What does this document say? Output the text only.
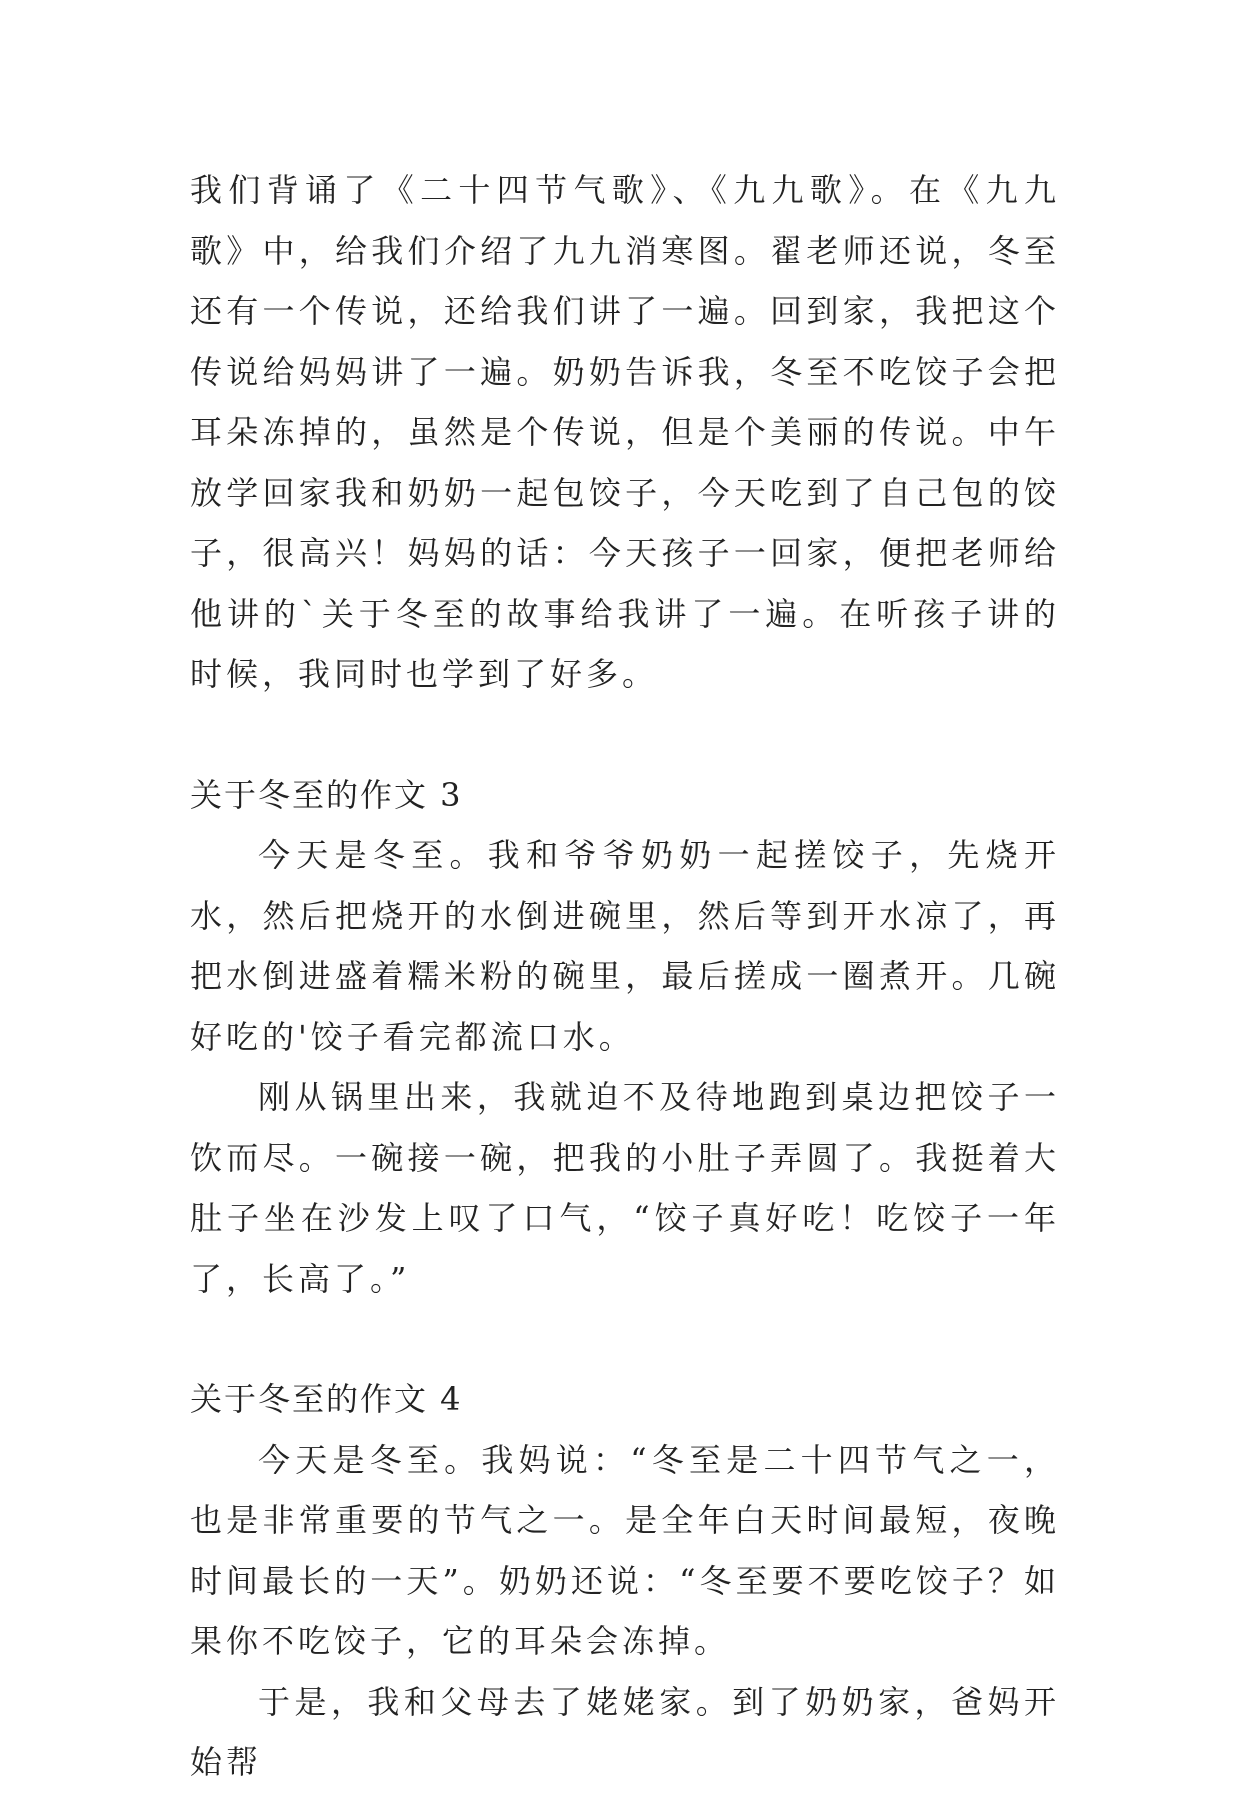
我们背诵了《二十四节气歌》、《九九歌》。在《九九歌》中，给我们介绍了九九消寒图。翟老师还说，冬至还有一个传说，还给我们讲了一遍。回到家，我把这个传说给妈妈讲了一遍。奶奶告诉我，冬至不吃饺子会把耳朵冻掉的，虽然是个传说，但是个美丽的传说。中午放学回家我和奶奶一起包饺子，今天吃到了自己包的饺子，很高兴！妈妈的话：今天孩子一回家，便把老师给他讲的`关于冬至的故事给我讲了一遍。在听孩子讲的时候，我同时也学到了好多。

关于冬至的作文 3

今天是冬至。我和爷爷奶奶一起搓饺子，先烧开水，然后把烧开的水倒进碗里，然后等到开水凉了，再把水倒进盛着糯米粉的碗里，最后搓成一圈煮开。几碗好吃的'饺子看完都流口水。

刚从锅里出来，我就迫不及待地跑到桌边把饺子一饮而尽。一碗接一碗，把我的小肚子弄圆了。我挺着大肚子坐在沙发上叹了口气，“饺子真好吃！吃饺子一年了，长高了。”

关于冬至的作文 4

今天是冬至。我妈说：“冬至是二十四节气之一，也是非常重要的节气之一。是全年白天时间最短，夜晚时间最长的一天”。奶奶还说：“冬至要不要吃饺子？如果你不吃饺子，它的耳朵会冻掉。

于是，我和父母去了姥姥家。到了奶奶家，爸妈开始帮
